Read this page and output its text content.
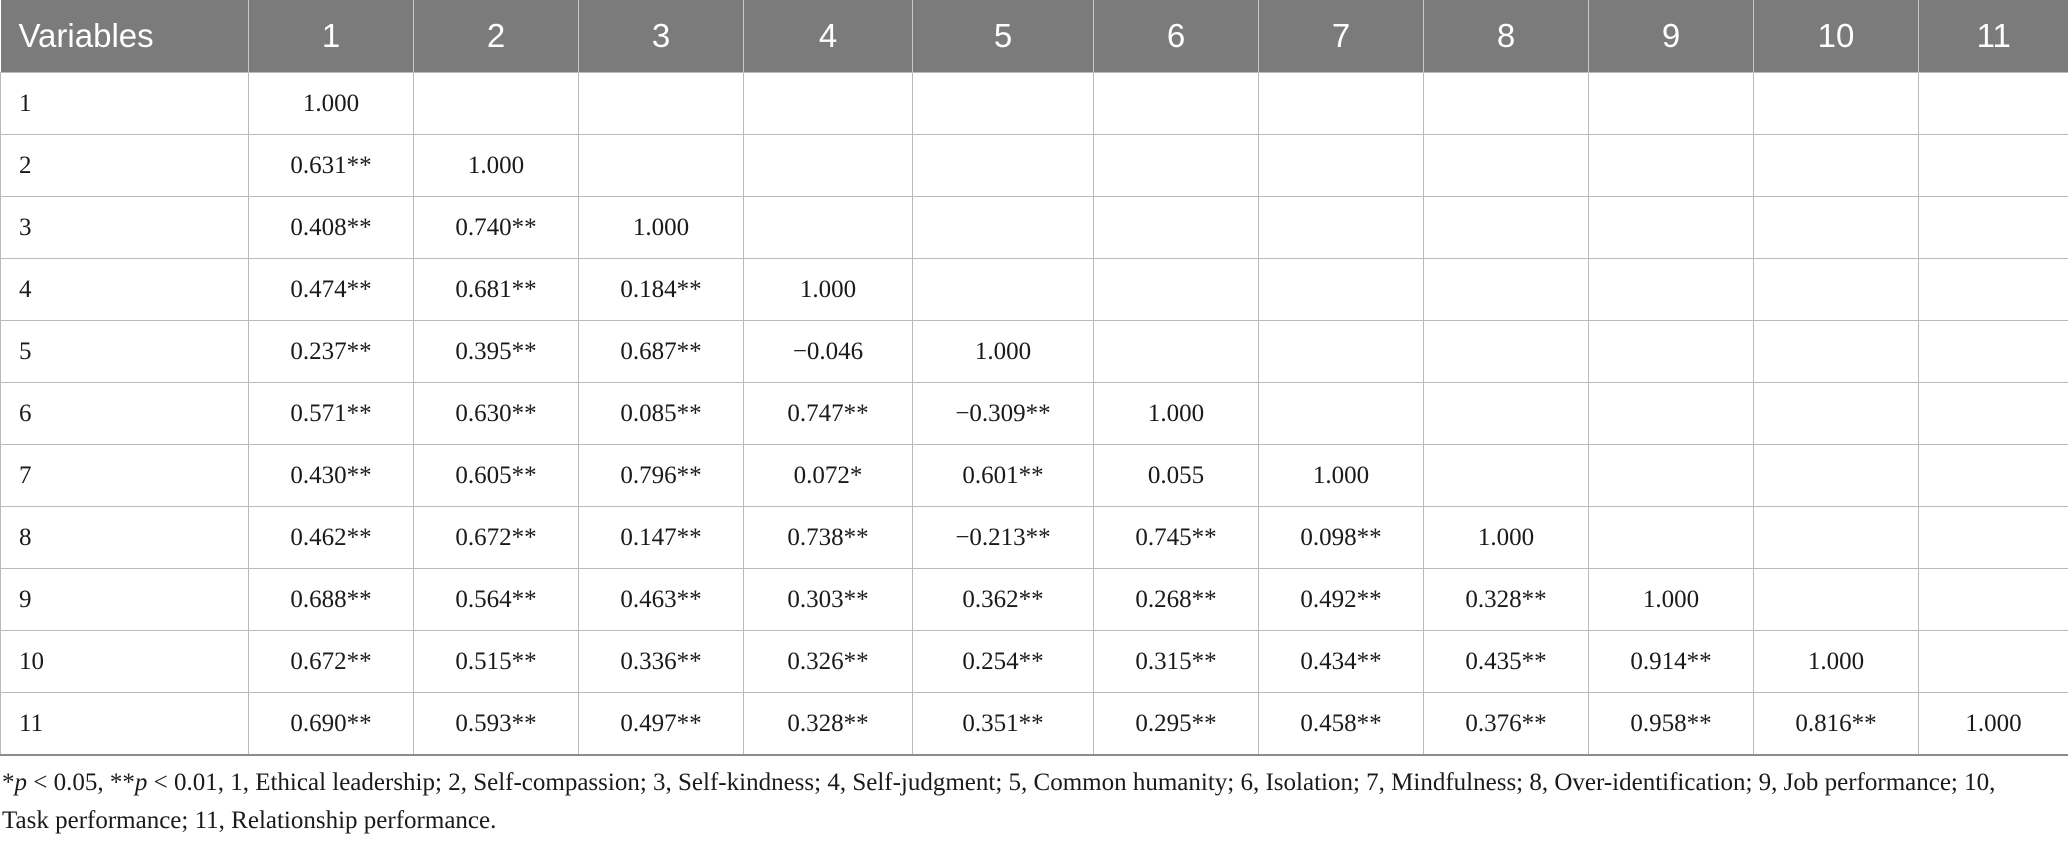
Variables	1	2	3	4	5	6	7	8	9	10	11
1	1.000										
2	0.631**	1.000									
3	0.408**	0.740**	1.000								
4	0.474**	0.681**	0.184**	1.000							
5	0.237**	0.395**	0.687**	−0.046	1.000						
6	0.571**	0.630**	0.085**	0.747**	−0.309**	1.000					
7	0.430**	0.605**	0.796**	0.072*	0.601**	0.055	1.000				
8	0.462**	0.672**	0.147**	0.738**	−0.213**	0.745**	0.098**	1.000			
9	0.688**	0.564**	0.463**	0.303**	0.362**	0.268**	0.492**	0.328**	1.000		
10	0.672**	0.515**	0.336**	0.326**	0.254**	0.315**	0.434**	0.435**	0.914**	1.000	
11	0.690**	0.593**	0.497**	0.328**	0.351**	0.295**	0.458**	0.376**	0.958**	0.816**	1.000
*p < 0.05, **p < 0.01, 1, Ethical leadership; 2, Self-compassion; 3, Self-kindness; 4, Self-judgment; 5, Common humanity; 6, Isolation; 7, Mindfulness; 8, Over-identification; 9, Job performance; 10, Task performance; 11, Relationship performance.
